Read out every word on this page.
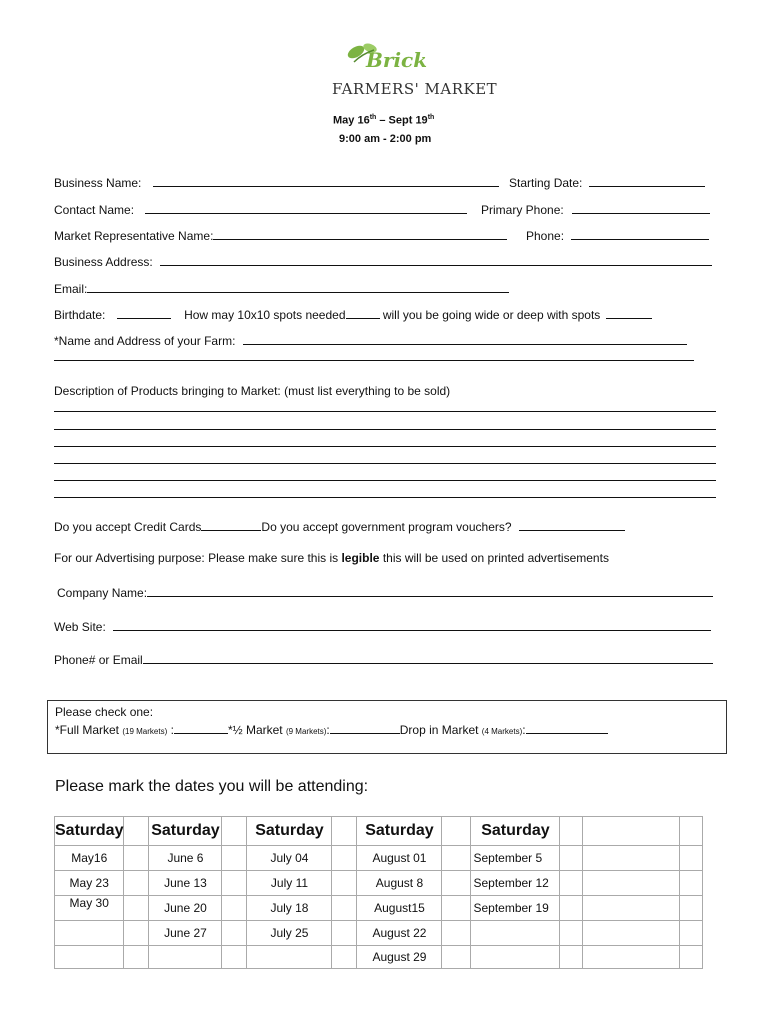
Brick
FARMERS' MARKET
May 16th – Sept 19th
9:00 am - 2:00 pm
Business Name:	Starting Date:
Contact Name:	Primary Phone:
Market Representative Name:	Phone:
Business Address:
Email:
Birthdate:	How may 10x10 spots needed	will you be going wide or deep with spots
*Name and Address of your Farm:
Description of Products bringing to Market: (must list everything to be sold)
Do you accept Credit Cards	Do you accept government program vouchers?
For our Advertising purpose: Please make sure this is legible this will be used on printed advertisements
Company Name:
Web Site:
Phone# or Email
Please check one:
*Full Market (19 Markets) :	*½ Market (9 Markets):	Drop in Market (4 Markets):
Please mark the dates you will be attending:
Saturday		Saturday		Saturday		Saturday		Saturday			
May16		June 6		July 04		August 01		September 5			
May 23		June 13		July 11		August 8		September 12			
May 30		June 20		July 18		August15		September 19			
		June 27		July 25		August 22					
						August 29					
